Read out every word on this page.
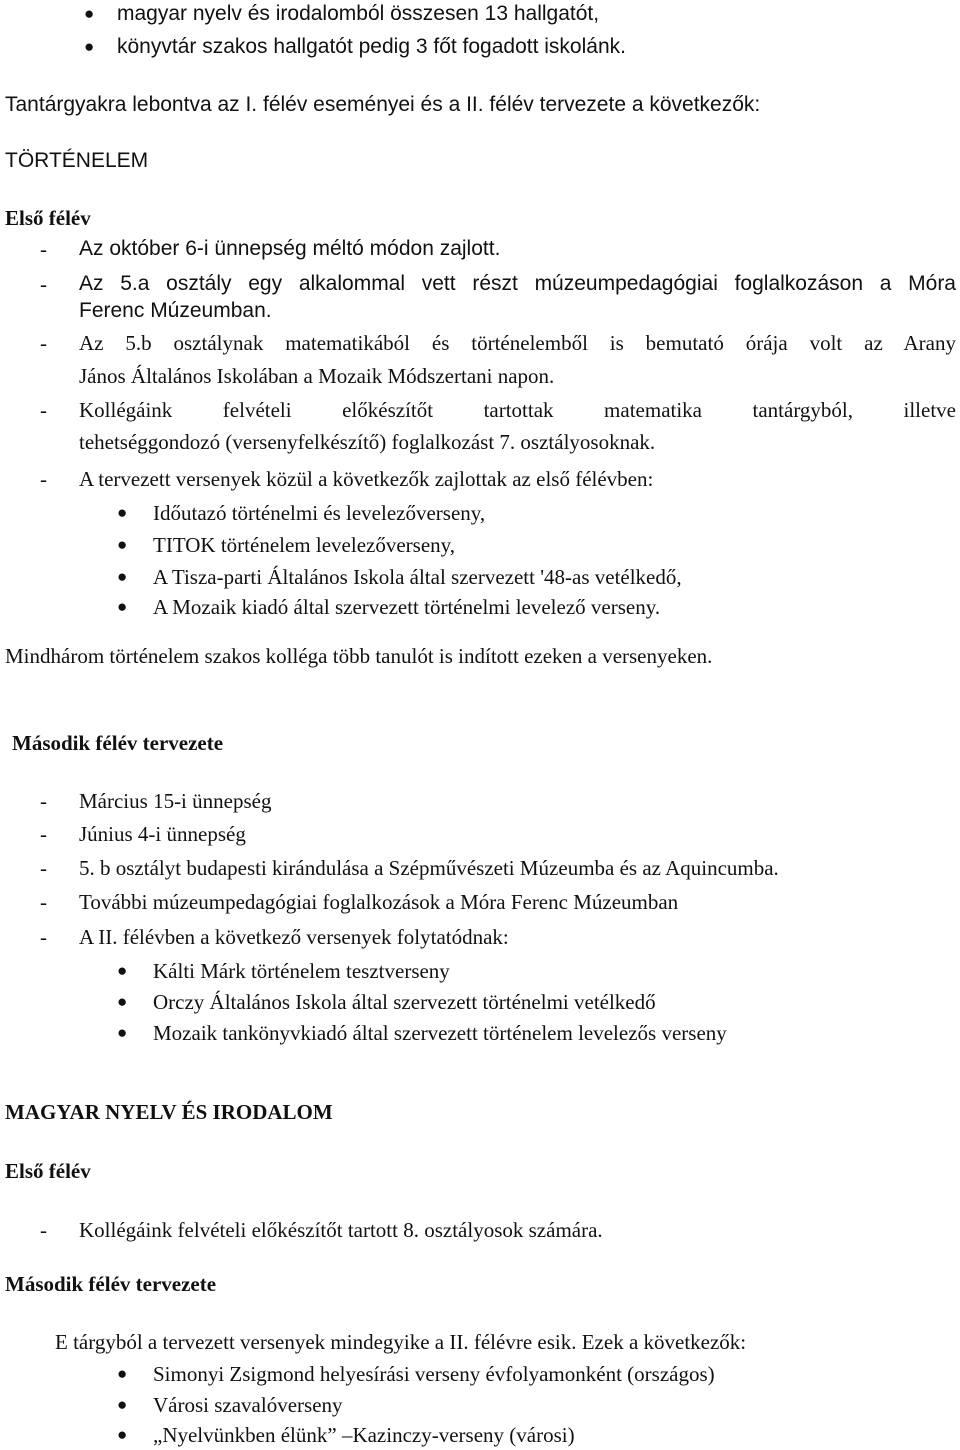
● magyar nyelv és irodalomból összesen 13 hallgatót,
● könyvtár szakos hallgatót pedig 3 főt fogadott iskolánk.
Tantárgyakra lebontva az I. félév eseményei és a II. félév tervezete a következők:
TÖRTÉNELEM
Első félév
- Az október 6-i ünnepség méltó módon zajlott.
- Az 5.a osztály egy alkalommal vett részt múzeumpedagógiai foglalkozáson a Móra
Ferenc Múzeumban.
- Az 5.b osztálynak matematikából és történelemből is bemutató órája volt az Arany
János Általános Iskolában a Mozaik Módszertani napon.
- Kollégáink felvételi előkészítőt tartottak matematika tantárgyból, illetve
tehetséggondozó (versenyfelkészítő) foglalkozást 7. osztályosoknak.
- A tervezett versenyek közül a következők zajlottak az első félévben:
● Időutazó történelmi és levelezőverseny,
● TITOK történelem levelezőverseny,
● A Tisza-parti Általános Iskola által szervezett '48-as vetélkedő,
● A Mozaik kiadó által szervezett történelmi levelező verseny.
Mindhárom történelem szakos kolléga több tanulót is indított ezeken a versenyeken.
Második félév tervezete
- Március 15-i ünnepség
- Június 4-i ünnepség
- 5. b osztályt budapesti kirándulása a Szépművészeti Múzeumba és az Aquincumba.
- További múzeumpedagógiai foglalkozások a Móra Ferenc Múzeumban
- A II. félévben a következő versenyek folytatódnak:
● Kálti Márk történelem tesztverseny
● Orczy Általános Iskola által szervezett történelmi vetélkedő
● Mozaik tankönyvkiadó által szervezett történelem levelezős verseny
MAGYAR NYELV ÉS IRODALOM
Első félév
- Kollégáink felvételi előkészítőt tartott 8. osztályosok számára.
Második félév tervezete
E tárgyból a tervezett versenyek mindegyike a II. félévre esik. Ezek a következők:
● Simonyi Zsigmond helyesírási verseny évfolyamonként (országos)
● Városi szavalóverseny
● „Nyelvünkben élünk” –Kazinczy-verseny (városi)
